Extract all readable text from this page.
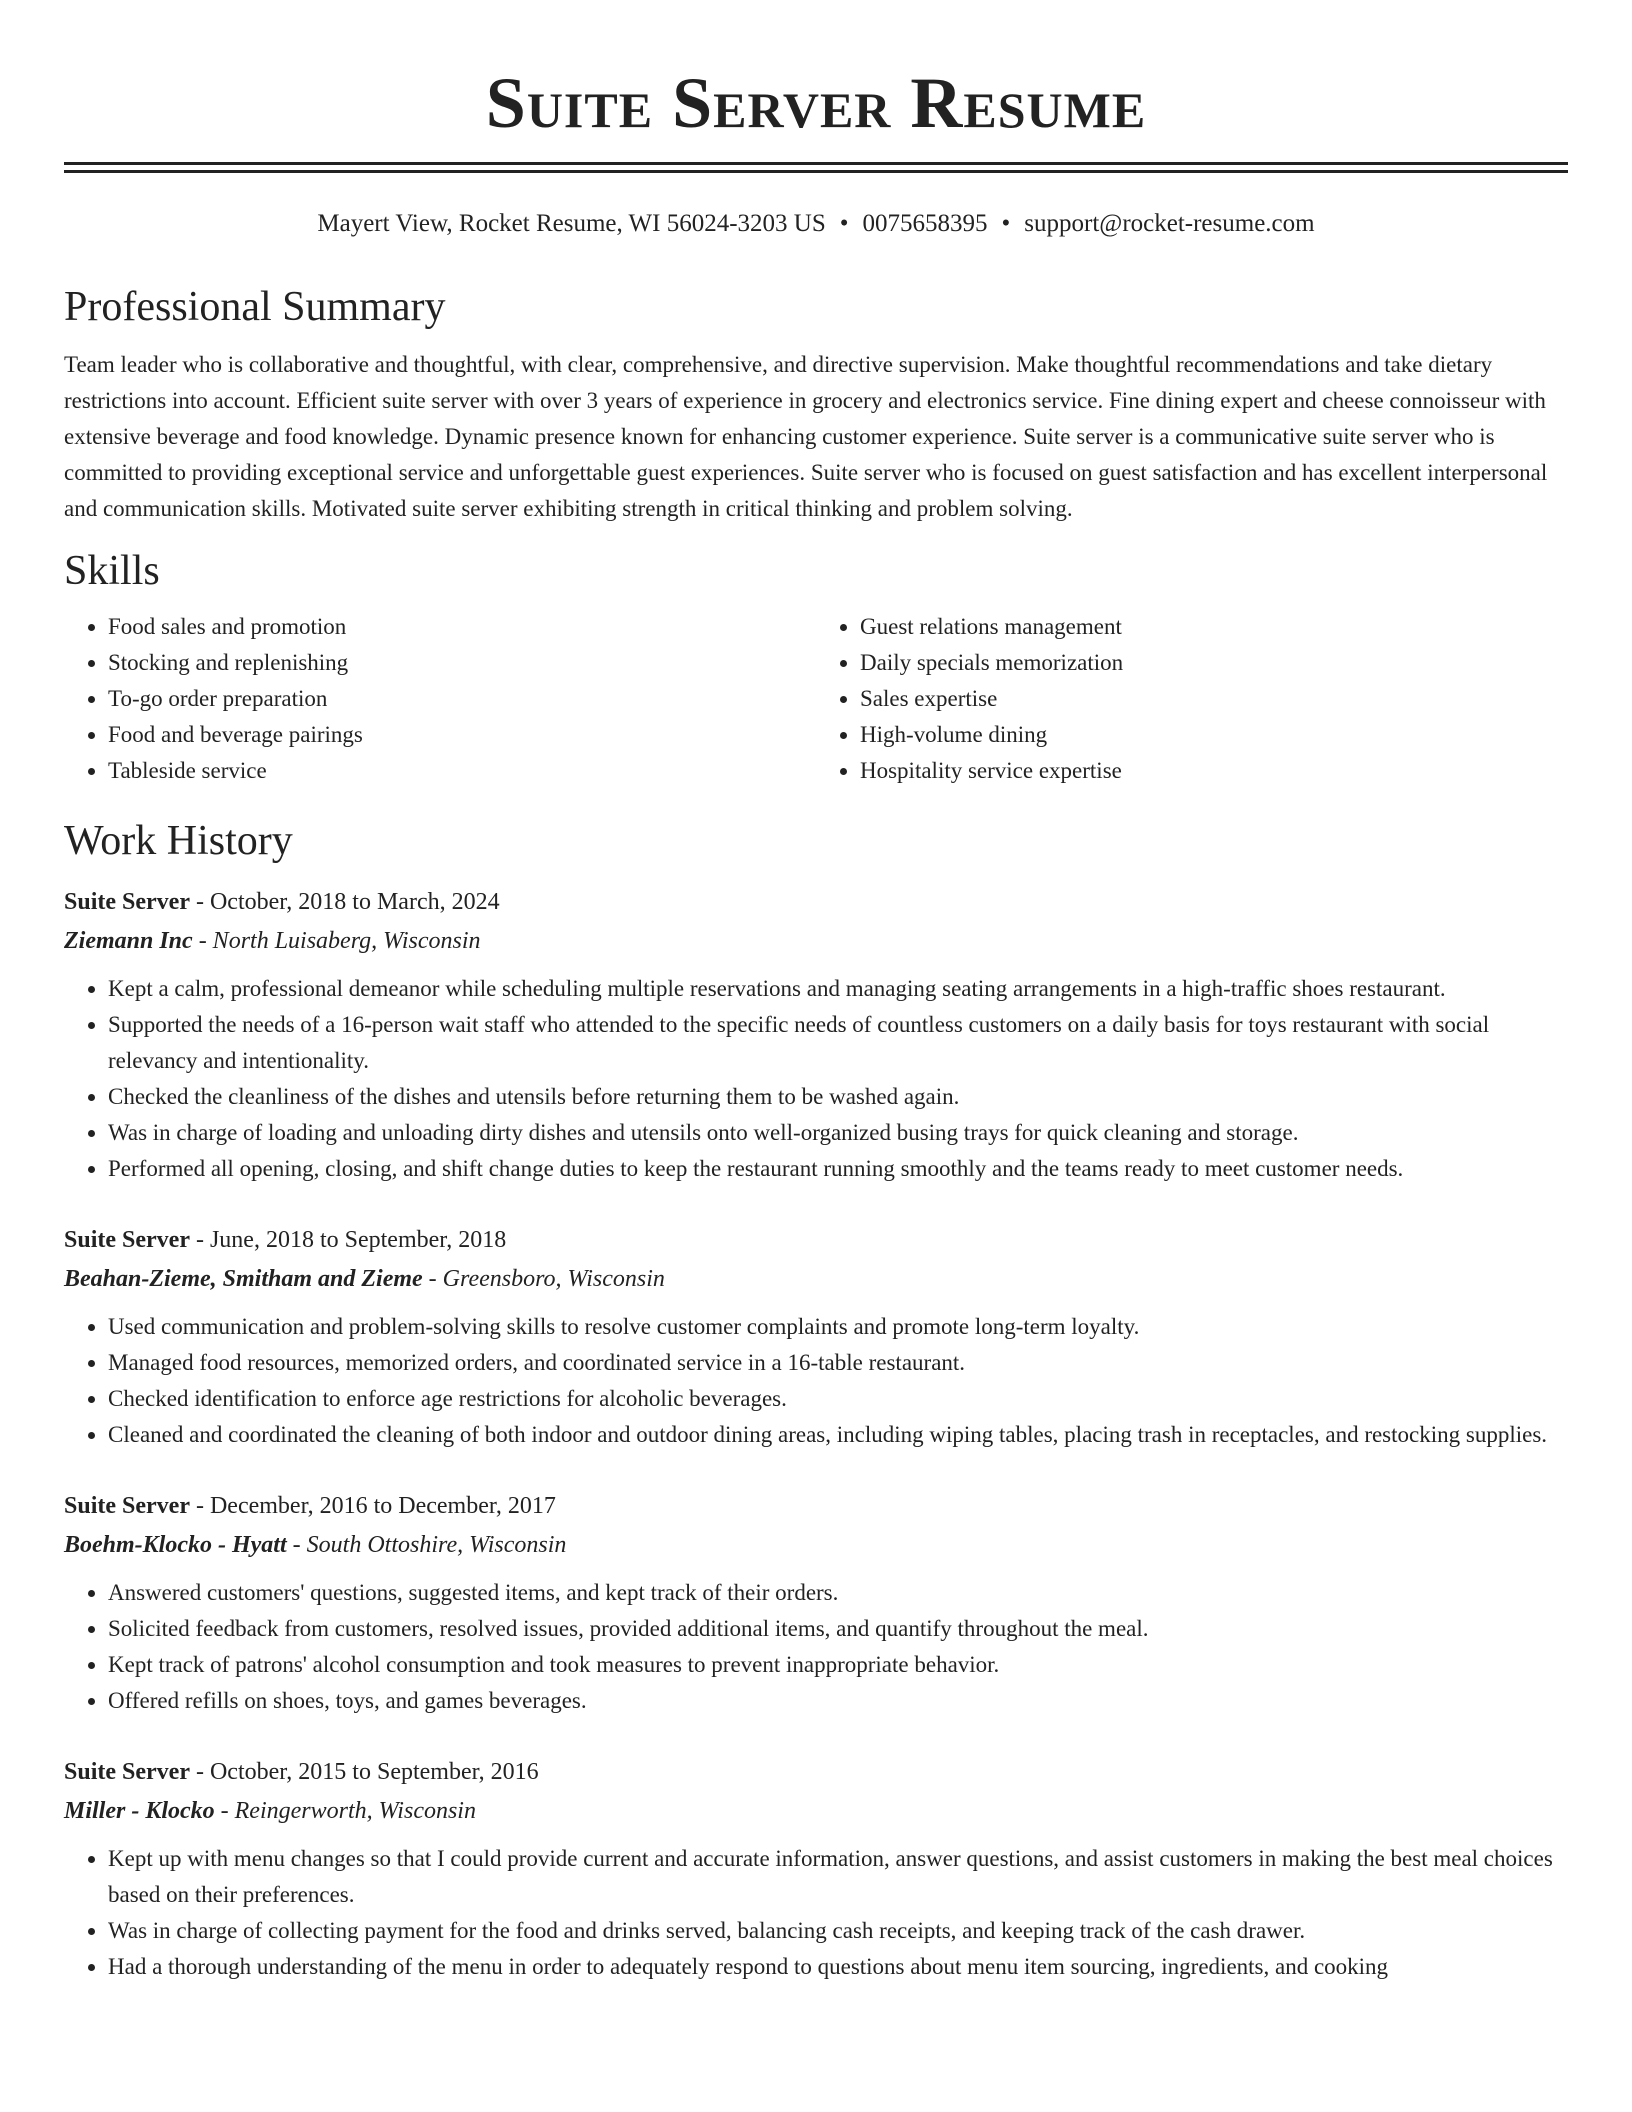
Suite Server Resume
Mayert View, Rocket Resume, WI 56024-3203 US • 0075658395 • support@rocket-resume.com
Professional Summary

Team leader who is collaborative and thoughtful, with clear, comprehensive, and directive supervision. Make thoughtful recommendations and take dietary restrictions into account. Efficient suite server with over 3 years of experience in grocery and electronics service. Fine dining expert and cheese connoisseur with extensive beverage and food knowledge. Dynamic presence known for enhancing customer experience. Suite server is a communicative suite server who is committed to providing exceptional service and unforgettable guest experiences. Suite server who is focused on guest satisfaction and has excellent interpersonal and communication skills. Motivated suite server exhibiting strength in critical thinking and problem solving.

Skills
• Food sales and promotion
• Stocking and replenishing
• To-go order preparation
• Food and beverage pairings
• Tableside service
• Guest relations management
• Daily specials memorization
• Sales expertise
• High-volume dining
• Hospitality service expertise
Work History
Suite Server - October, 2018 to March, 2024
Ziemann Inc - North Luisaberg, Wisconsin
• Kept a calm, professional demeanor while scheduling multiple reservations and managing seating arrangements in a high-traffic shoes restaurant.
• Supported the needs of a 16-person wait staff who attended to the specific needs of countless customers on a daily basis for toys restaurant with social relevancy and intentionality.
• Checked the cleanliness of the dishes and utensils before returning them to be washed again.
• Was in charge of loading and unloading dirty dishes and utensils onto well-organized busing trays for quick cleaning and storage.
• Performed all opening, closing, and shift change duties to keep the restaurant running smoothly and the teams ready to meet customer needs.
Suite Server - June, 2018 to September, 2018
Beahan-Zieme, Smitham and Zieme - Greensboro, Wisconsin
• Used communication and problem-solving skills to resolve customer complaints and promote long-term loyalty.
• Managed food resources, memorized orders, and coordinated service in a 16-table restaurant.
• Checked identification to enforce age restrictions for alcoholic beverages.
• Cleaned and coordinated the cleaning of both indoor and outdoor dining areas, including wiping tables, placing trash in receptacles, and restocking supplies.
Suite Server - December, 2016 to December, 2017
Boehm-Klocko - Hyatt - South Ottoshire, Wisconsin
• Answered customers' questions, suggested items, and kept track of their orders.
• Solicited feedback from customers, resolved issues, provided additional items, and quantify throughout the meal.
• Kept track of patrons' alcohol consumption and took measures to prevent inappropriate behavior.
• Offered refills on shoes, toys, and games beverages.
Suite Server - October, 2015 to September, 2016
Miller - Klocko - Reingerworth, Wisconsin
• Kept up with menu changes so that I could provide current and accurate information, answer questions, and assist customers in making the best meal choices based on their preferences.
• Was in charge of collecting payment for the food and drinks served, balancing cash receipts, and keeping track of the cash drawer.
• Had a thorough understanding of the menu in order to adequately respond to questions about menu item sourcing, ingredients, and cooking
